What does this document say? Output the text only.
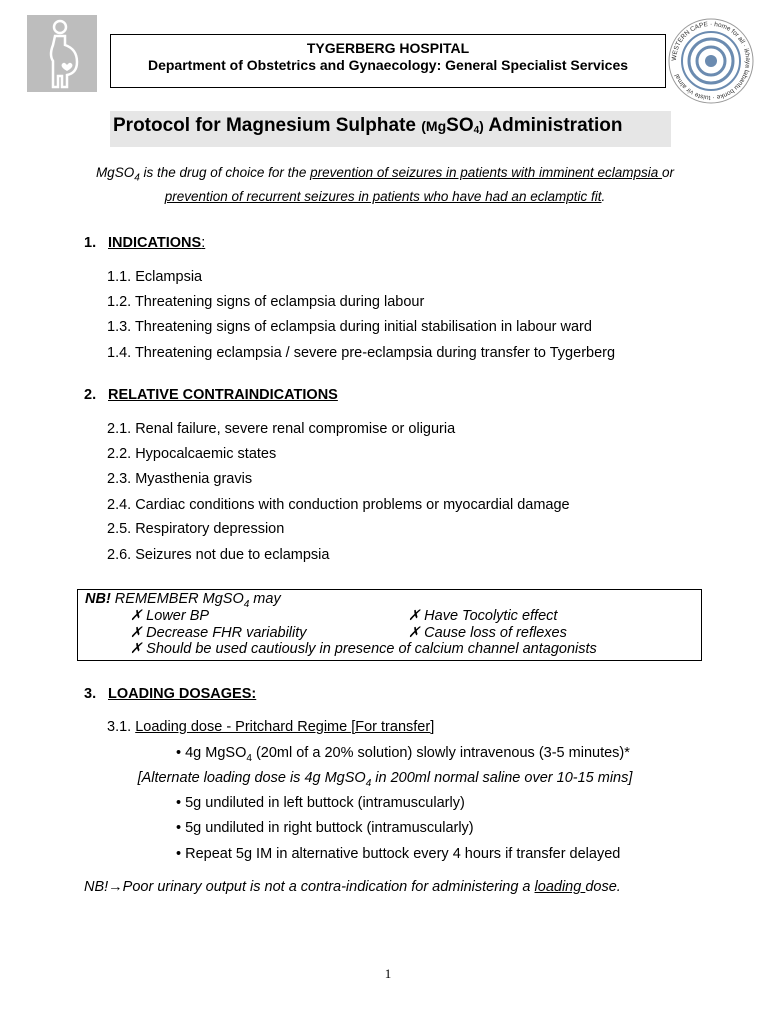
TYGERBERG HOSPITAL
Department of Obstetrics and Gynaecology: General Specialist Services	WESTERN CAPE · home for all · ikhaya labantu bonke · tuiste vir almal
Protocol for Magnesium Sulphate (MgSO$_4$) Administration
MgSO$_4$ is the drug of choice for the prevention of seizures in patients with imminent eclampsia or
prevention of recurrent seizures in patients who have had an eclamptic fit.
1. INDICATIONS:
1.1. Eclampsia
1.2. Threatening signs of eclampsia during labour
1.3. Threatening signs of eclampsia during initial stabilisation in labour ward
1.4. Threatening eclampsia / severe pre-eclampsia during transfer to Tygerberg
2. RELATIVE CONTRAINDICATIONS
2.1. Renal failure, severe renal compromise or oliguria
2.2. Hypocalcaemic states
2.3. Myasthenia gravis
2.4. Cardiac conditions with conduction problems or myocardial damage
2.5. Respiratory depression
2.6. Seizures not due to eclampsia
NB! REMEMBER MgSO$_4$ may
✗ Lower BP	✗ Have Tocolytic effect
✗ Decrease FHR variability	✗ Cause loss of reflexes
✗ Should be used cautiously in presence of calcium channel antagonists
3. LOADING DOSAGES:
3.1. Loading dose - Pritchard Regime [For transfer]
• 4g MgSO$_4$ (20ml of a 20% solution) slowly intravenous (3-5 minutes)*
[Alternate loading dose is 4g MgSO$_4$ in 200ml normal saline over 10-15 mins]
• 5g undiluted in left buttock (intramuscularly)
• 5g undiluted in right buttock (intramuscularly)
• Repeat 5g IM in alternative buttock every 4 hours if transfer delayed
NB!→Poor urinary output is not a contra-indication for administering a loading dose.
1
